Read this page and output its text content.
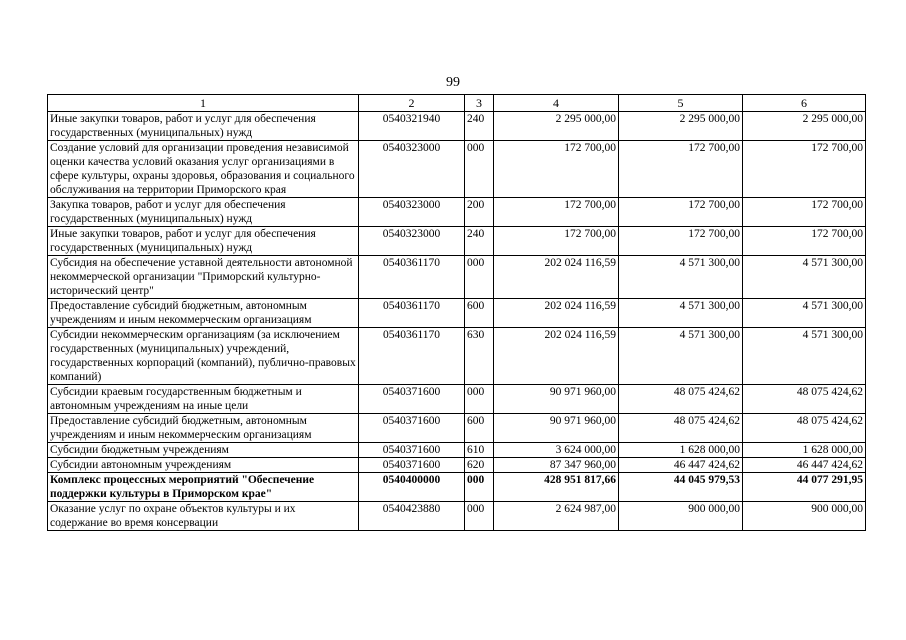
99
1	2	3	4	5	6
Иные закупки товаров, работ и услуг для обеспечения государственных (муниципальных) нужд	0540321940	240	2 295 000,00	2 295 000,00	2 295 000,00
Создание условий для организации проведения независимой оценки качества условий оказания услуг организациями в сфере культуры, охраны здоровья, образования и социального обслуживания на территории Приморского края	0540323000	000	172 700,00	172 700,00	172 700,00
Закупка товаров, работ и услуг для обеспечения государственных (муниципальных) нужд	0540323000	200	172 700,00	172 700,00	172 700,00
Иные закупки товаров, работ и услуг для обеспечения государственных (муниципальных) нужд	0540323000	240	172 700,00	172 700,00	172 700,00
Субсидия на обеспечение уставной деятельности автономной некоммерческой организации "Приморский культурно-исторический центр"	0540361170	000	202 024 116,59	4 571 300,00	4 571 300,00
Предоставление субсидий бюджетным, автономным учреждениям и иным некоммерческим организациям	0540361170	600	202 024 116,59	4 571 300,00	4 571 300,00
Субсидии некоммерческим организациям (за исключением государственных (муниципальных) учреждений, государственных корпораций (компаний), публично-правовых компаний)	0540361170	630	202 024 116,59	4 571 300,00	4 571 300,00
Субсидии краевым государственным бюджетным и автономным учреждениям на иные цели	0540371600	000	90 971 960,00	48 075 424,62	48 075 424,62
Предоставление субсидий бюджетным, автономным учреждениям и иным некоммерческим организациям	0540371600	600	90 971 960,00	48 075 424,62	48 075 424,62
Субсидии бюджетным учреждениям	0540371600	610	3 624 000,00	1 628 000,00	1 628 000,00
Субсидии автономным учреждениям	0540371600	620	87 347 960,00	46 447 424,62	46 447 424,62
Комплекс процессных мероприятий "Обеспечение поддержки культуры в Приморском крае"	0540400000	000	428 951 817,66	44 045 979,53	44 077 291,95
Оказание услуг по охране объектов культуры и их содержание во время консервации	0540423880	000	2 624 987,00	900 000,00	900 000,00
